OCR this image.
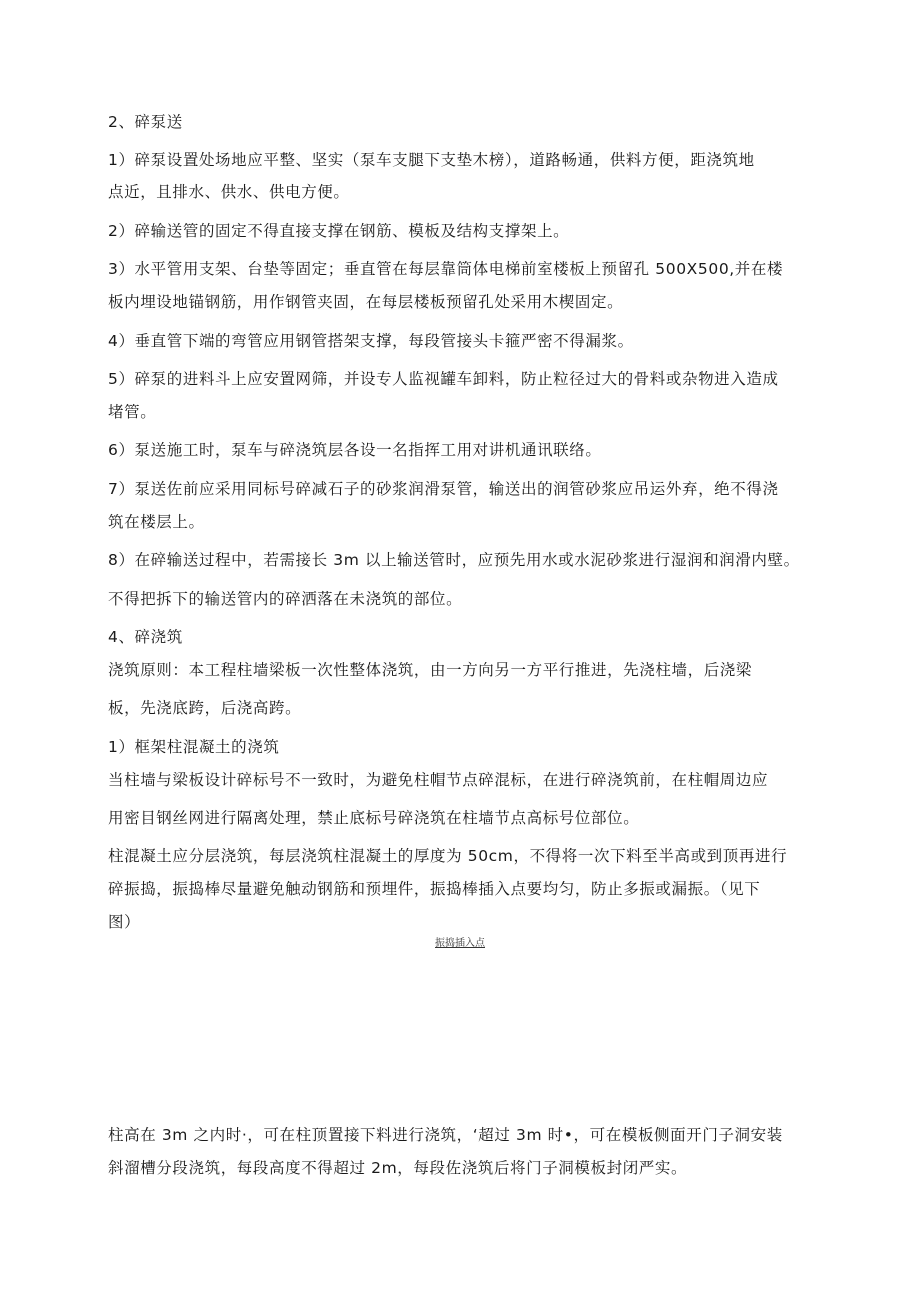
2、碎泵送
1）碎泵设置处场地应平整、坚实（泵车支腿下支垫木榜），道路畅通，供料方便，距浇筑地
点近，且排水、供水、供电方便。
2）碎输送管的固定不得直接支撑在钢筋、模板及结构支撑架上。
3）水平管用支架、台垫等固定；垂直管在每层靠筒体电梯前室楼板上预留孔 500X500,并在楼
板内埋设地锚钢筋，用作钢管夹固，在每层楼板预留孔处采用木楔固定。
4）垂直管下端的弯管应用钢管搭架支撑，每段管接头卡箍严密不得漏浆。
5）碎泵的进料斗上应安置网筛，并设专人监视罐车卸料，防止粒径过大的骨料或杂物进入造成
堵管。
6）泵送施工时，泵车与碎浇筑层各设一名指挥工用对讲机通讯联络。
7）泵送佐前应采用同标号碎减石子的砂浆润滑泵管，输送出的润管砂浆应吊运外弃，绝不得浇
筑在楼层上。
8）在碎输送过程中，若需接长 3m 以上输送管时，应预先用水或水泥砂浆进行湿润和润滑内壁。
不得把拆下的输送管内的碎洒落在未浇筑的部位。
4、碎浇筑
浇筑原则：本工程柱墙梁板一次性整体浇筑，由一方向另一方平行推进，先浇柱墙，后浇梁
板，先浇底跨，后浇高跨。
1）框架柱混凝土的浇筑
当柱墙与梁板设计碎标号不一致时，为避免柱帽节点碎混标，在进行碎浇筑前，在柱帽周边应
用密目钢丝网进行隔离处理，禁止底标号碎浇筑在柱墙节点高标号位部位。
柱混凝土应分层浇筑，每层浇筑柱混凝土的厚度为 50cm，不得将一次下料至半高或到顶再进行
碎振捣，振捣棒尽量避免触动钢筋和预埋件，振捣棒插入点要均匀，防止多振或漏振。（见下
图）
振捣插入点
柱高在 3m 之内时·，可在柱顶置接下料进行浇筑，‘超过 3m 时•，可在模板侧面开门子洞安装
斜溜槽分段浇筑，每段高度不得超过 2m，每段佐浇筑后将门子洞模板封闭严实。
